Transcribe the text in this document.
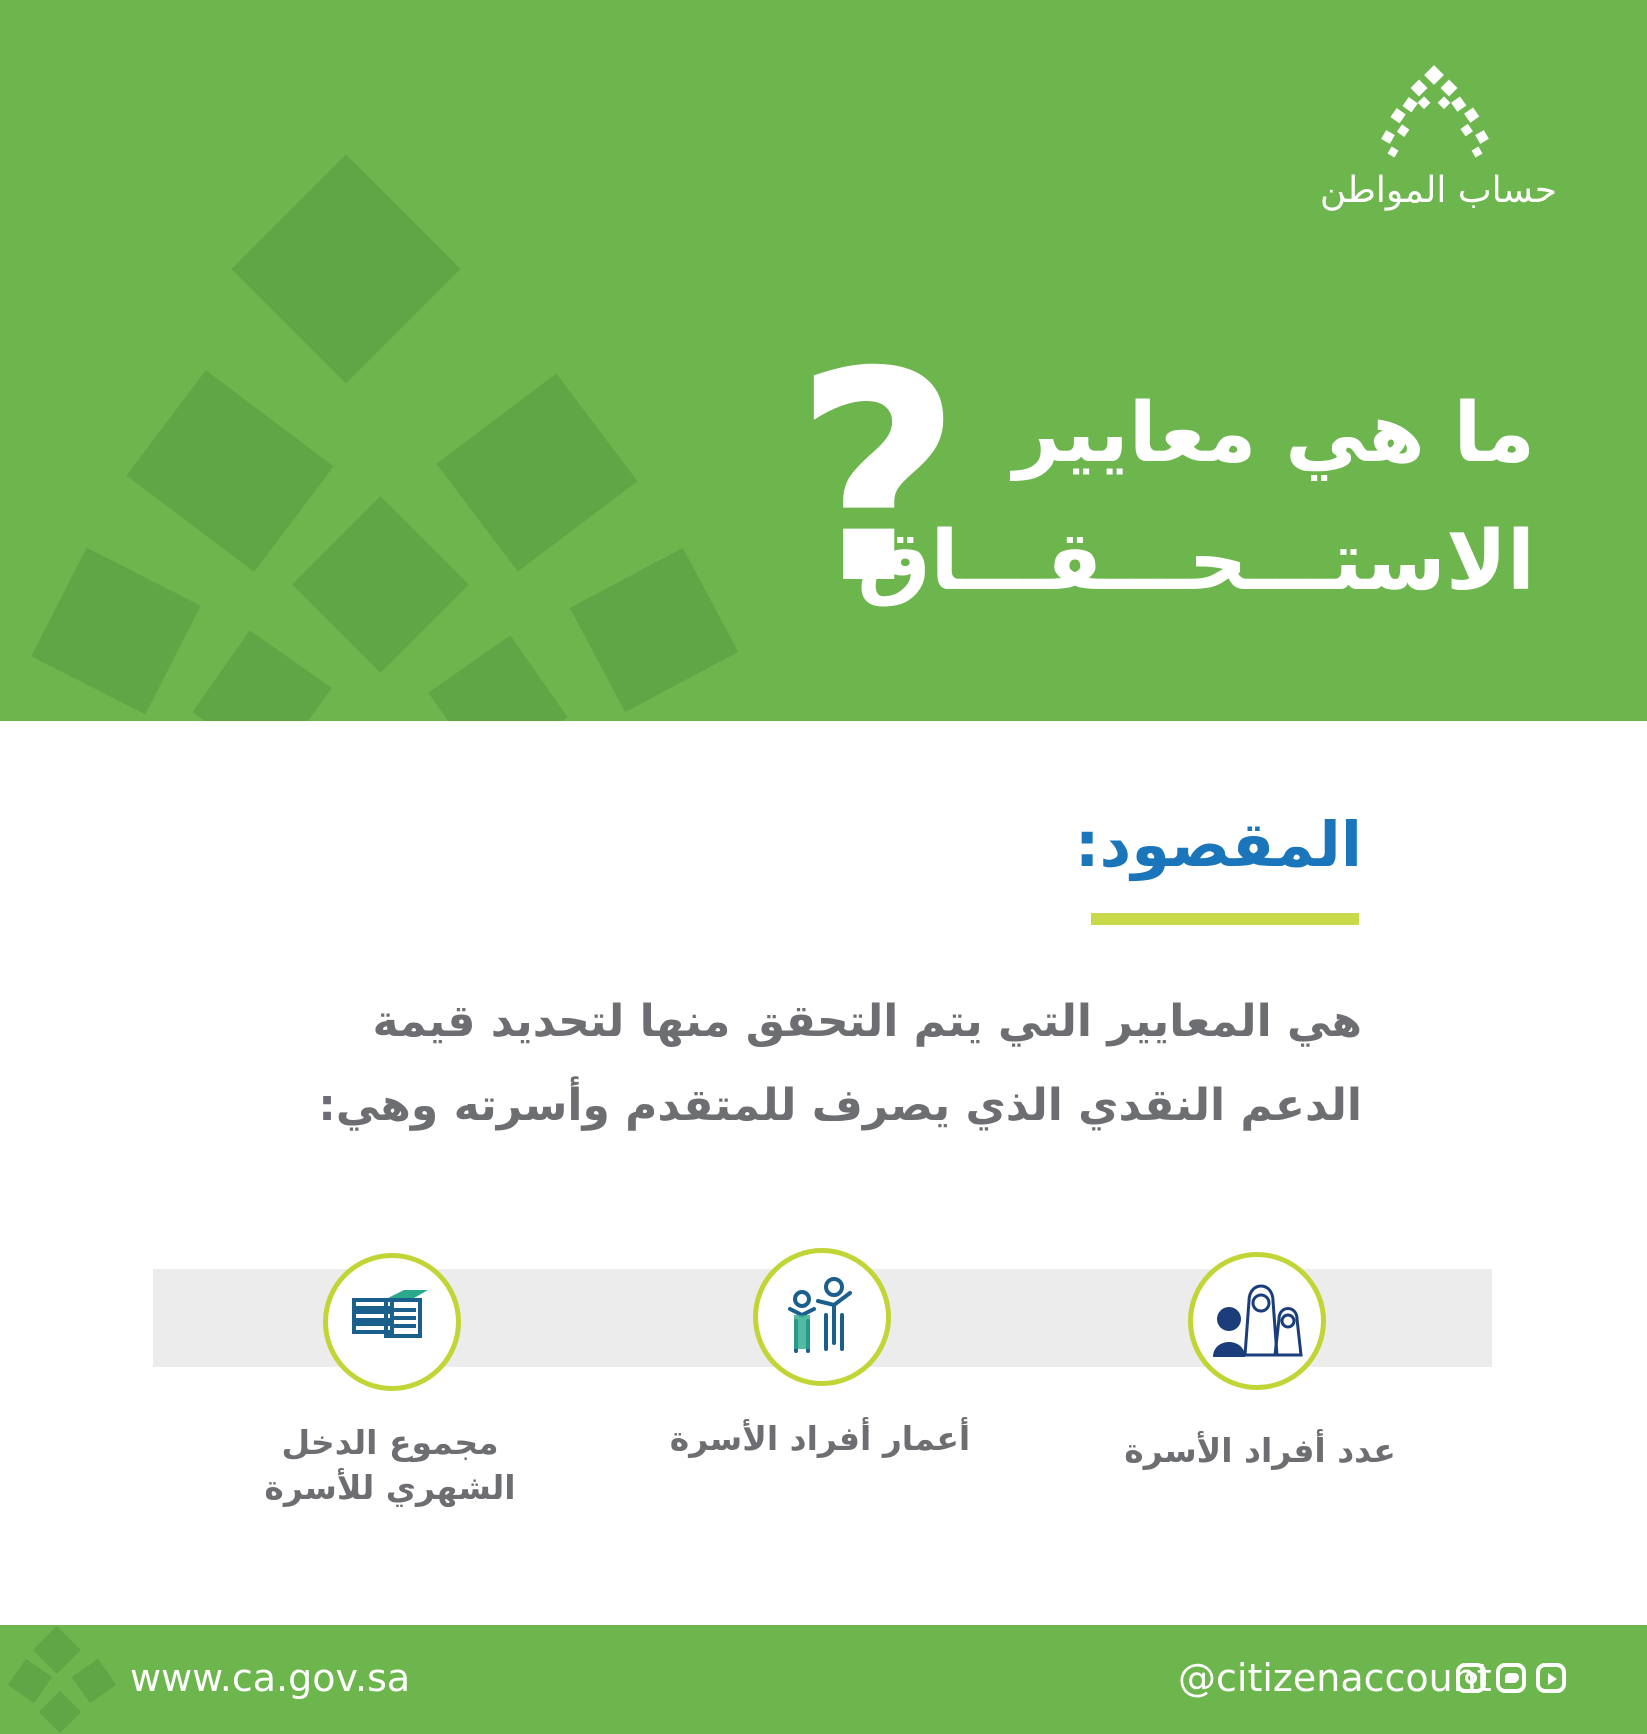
حساب المواطن
ما هي معايير
الاستـــحـــقـــاق
؟
المقصود:
هي المعايير التي يتم التحقق منها لتحديد قيمة
الدعم النقدي الذي يصرف للمتقدم وأسرته وهي:
مجموع الدخل الشهري للأسرة
أعمار أفراد الأسرة	عدد أفراد الأسرة
www.ca.gov.sa	@citizenaccount
